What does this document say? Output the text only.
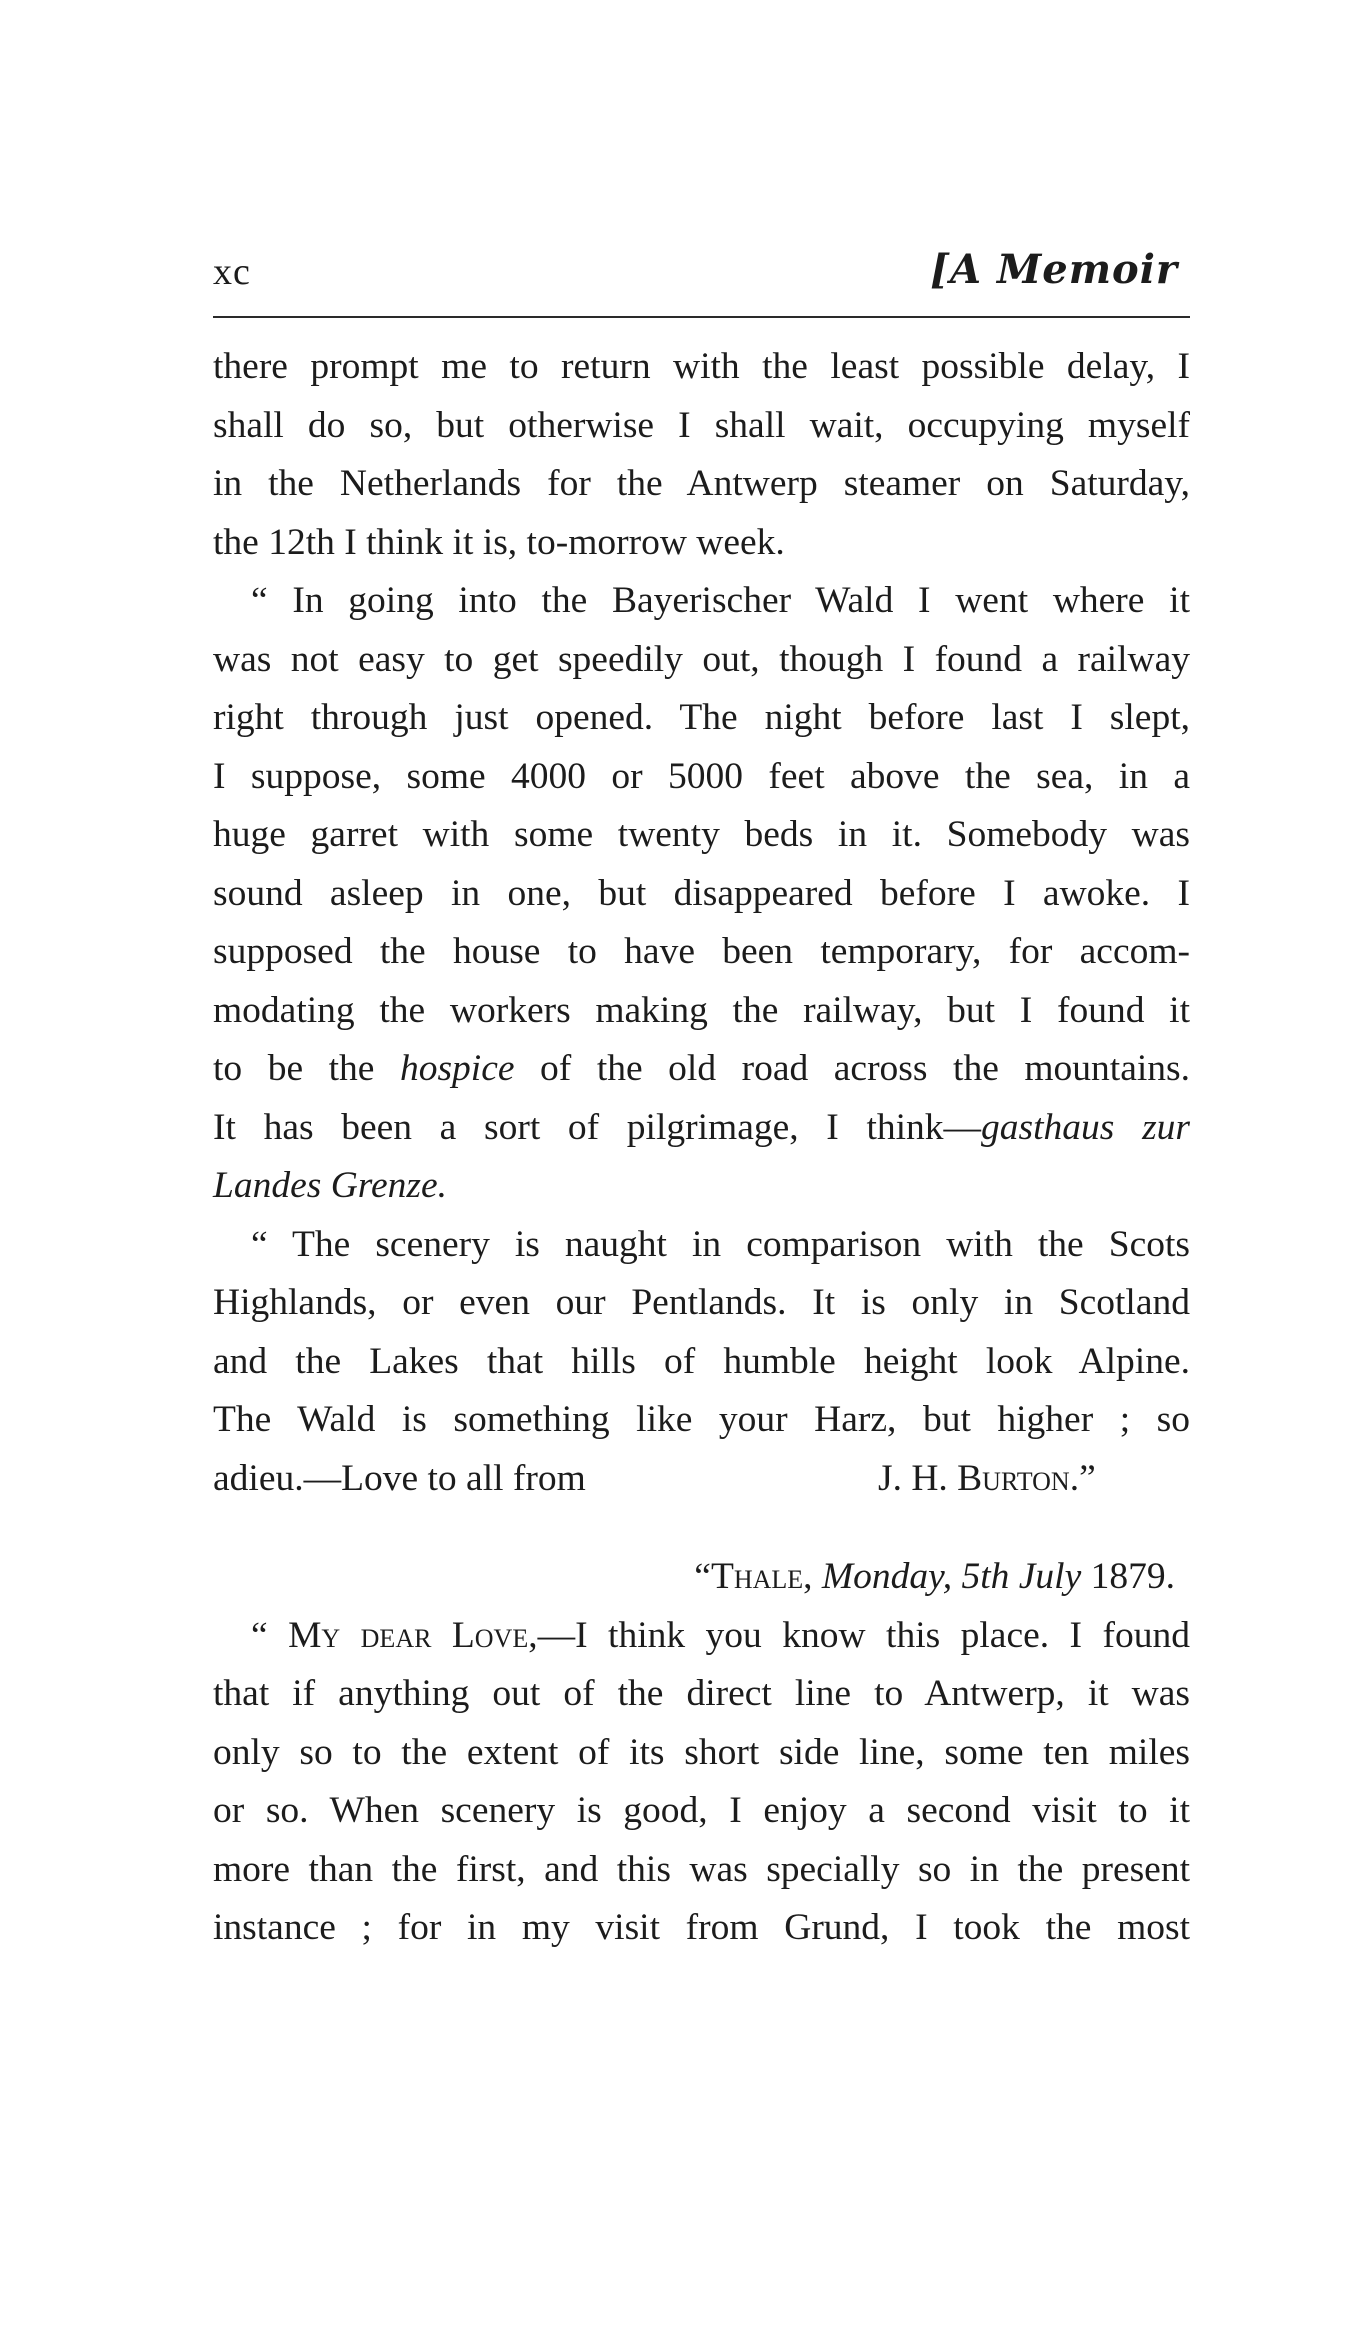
xc	[A Memoir
there prompt me to return with the least possible delay, I
shall do so, but otherwise I shall wait, occupying myself
in the Netherlands for the Antwerp steamer on Saturday,
the 12th I think it is, to-morrow week.
“ In going into the Bayerischer Wald I went where it
was not easy to get speedily out, though I found a railway
right through just opened. The night before last I slept,
I suppose, some 4000 or 5000 feet above the sea, in a
huge garret with some twenty beds in it. Somebody was
sound asleep in one, but disappeared before I awoke. I
supposed the house to have been temporary, for accom-
modating the workers making the railway, but I found it
to be the hospice of the old road across the mountains.
It has been a sort of pilgrimage, I think—gasthaus zur
Landes Grenze.
“ The scenery is naught in comparison with the Scots
Highlands, or even our Pentlands. It is only in Scotland
and the Lakes that hills of humble height look Alpine.
The Wald is something like your Harz, but higher ; so
adieu.—Love to all from	J. H. Burton.”
“Thale, Monday, 5th July 1879.
“ My dear Love,—I think you know this place. I found
that if anything out of the direct line to Antwerp, it was
only so to the extent of its short side line, some ten miles
or so. When scenery is good, I enjoy a second visit to it
more than the first, and this was specially so in the present
instance ; for in my visit from Grund, I took the most
